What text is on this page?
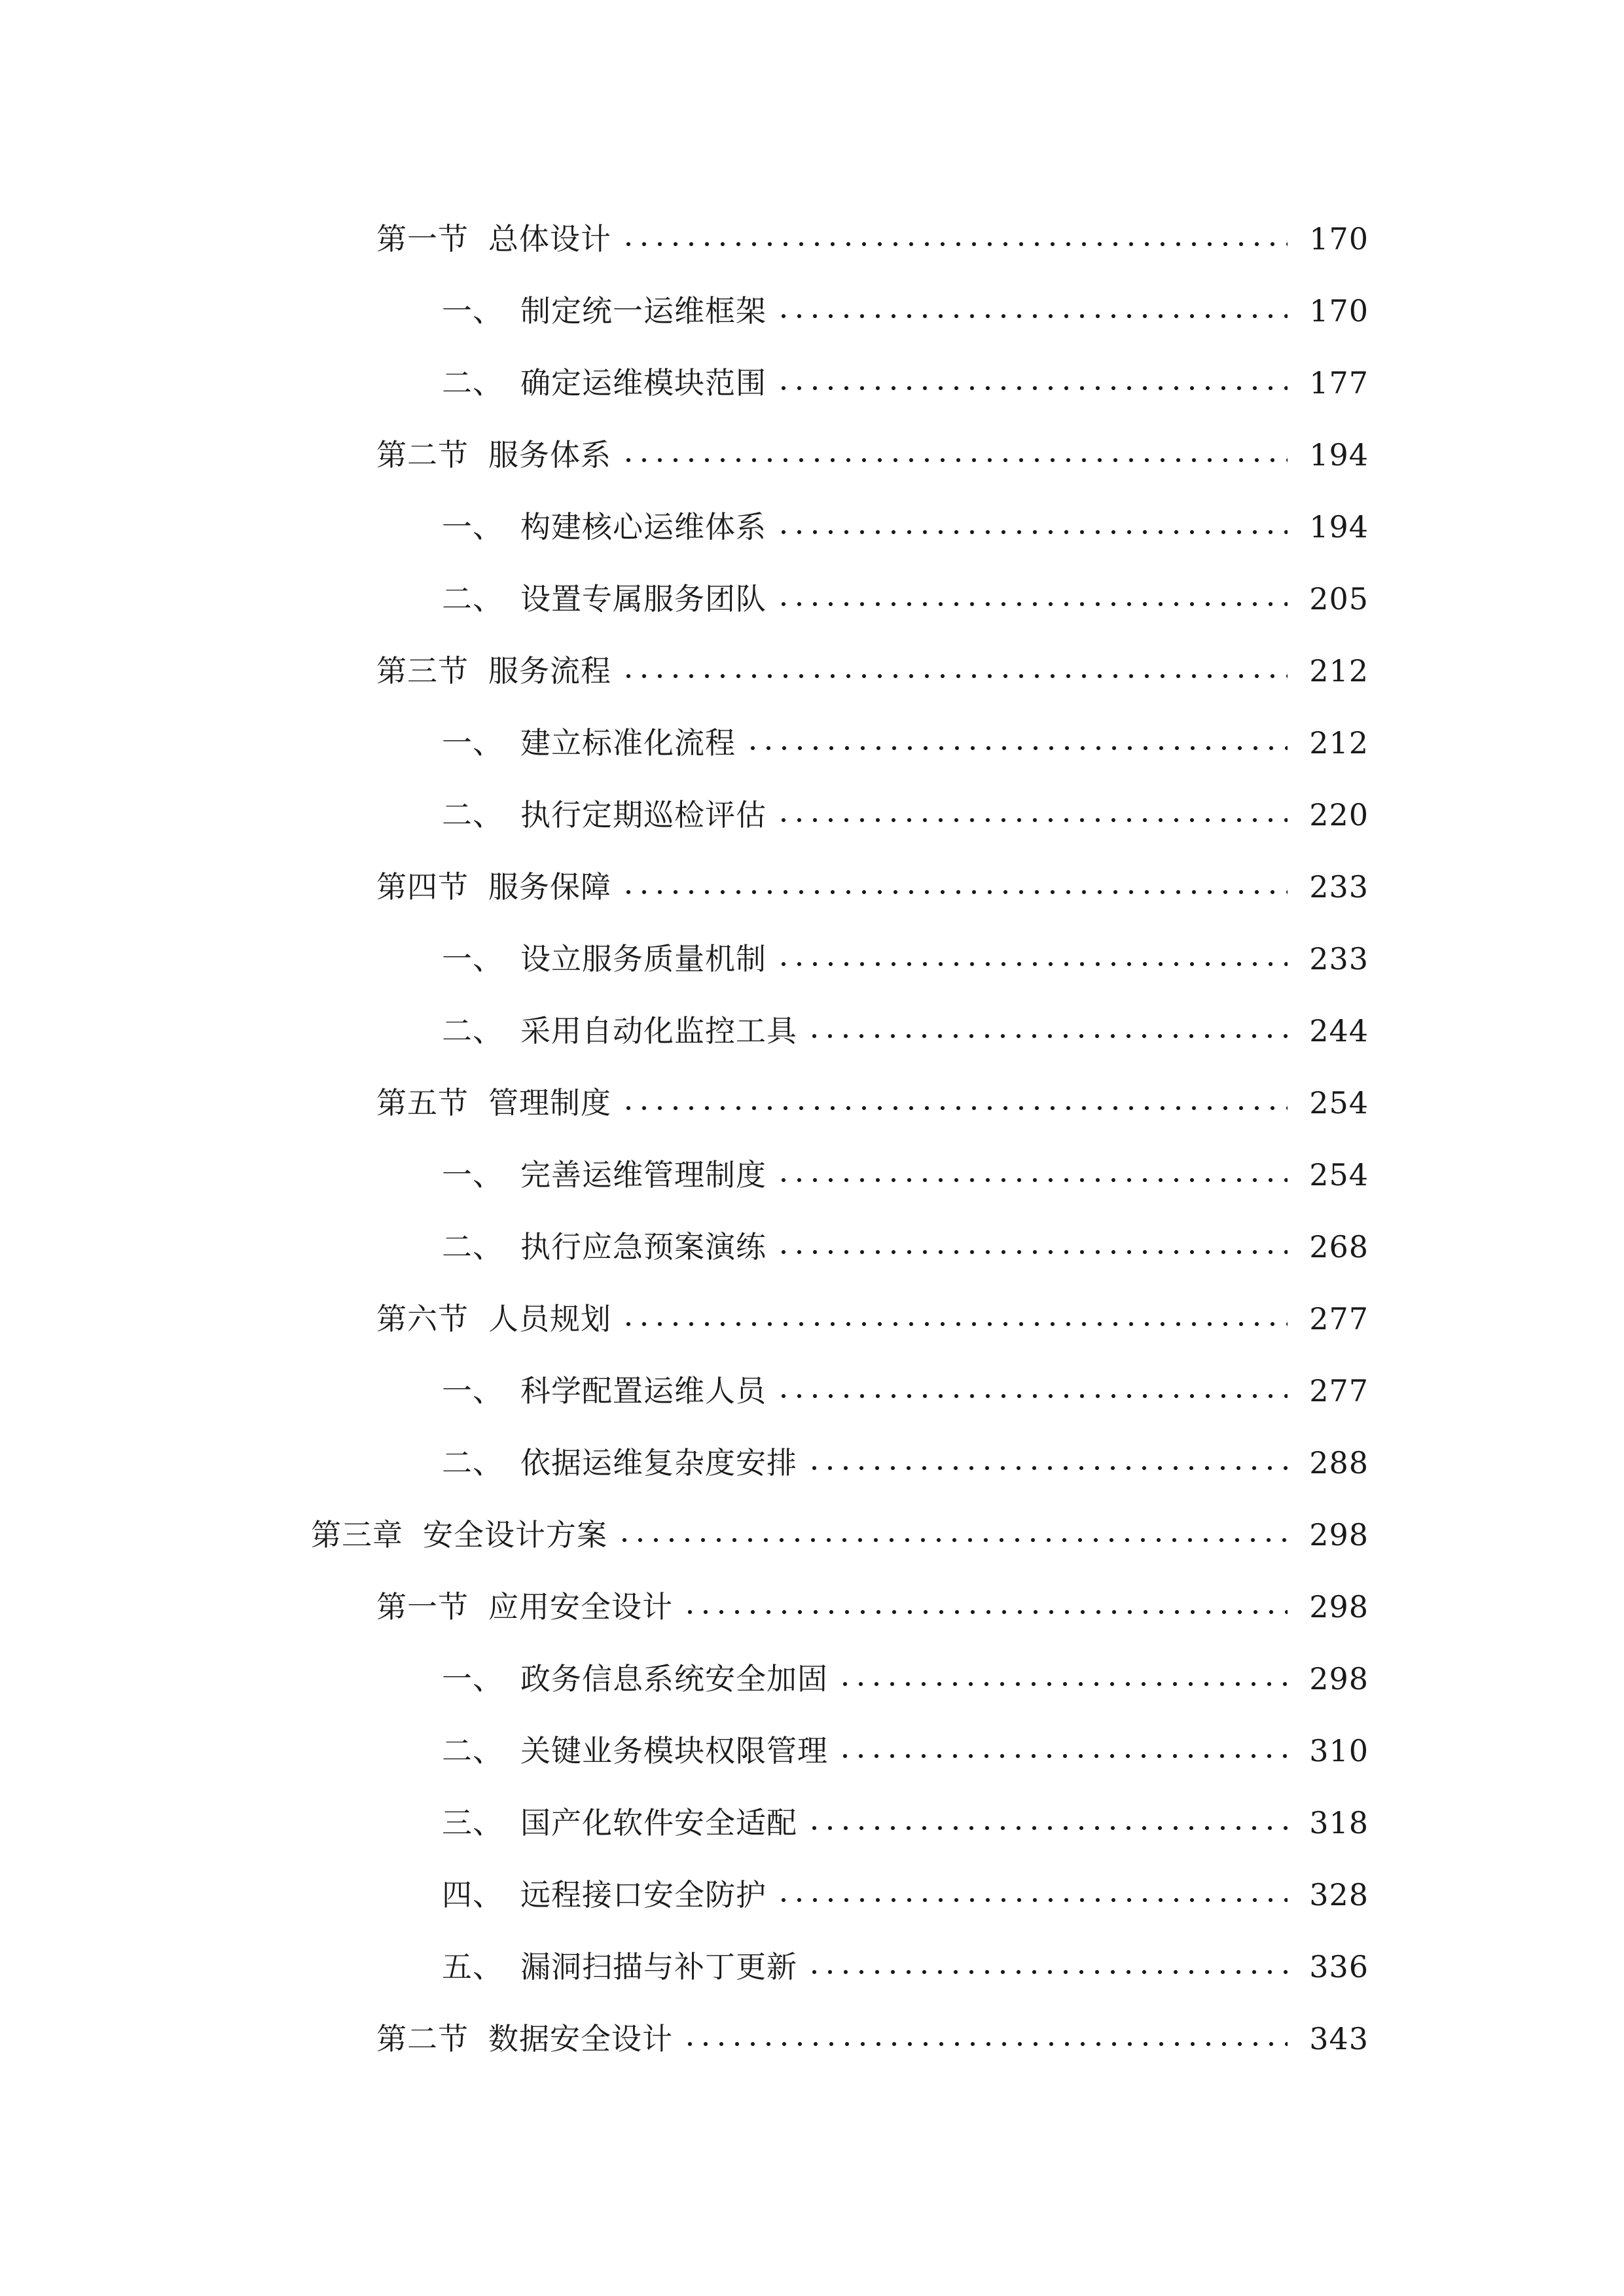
第一节 总体设计	170
一、 制定统一运维框架	170
二、 确定运维模块范围	177
第二节 服务体系	194
一、 构建核心运维体系	194
二、 设置专属服务团队	205
第三节 服务流程	212
一、 建立标准化流程	212
二、 执行定期巡检评估	220
第四节 服务保障	233
一、 设立服务质量机制	233
二、 采用自动化监控工具	244
第五节 管理制度	254
一、 完善运维管理制度	254
二、 执行应急预案演练	268
第六节 人员规划	277
一、 科学配置运维人员	277
二、 依据运维复杂度安排	288
第三章 安全设计方案	298
第一节 应用安全设计	298
一、 政务信息系统安全加固	298
二、 关键业务模块权限管理	310
三、 国产化软件安全适配	318
四、 远程接口安全防护	328
五、 漏洞扫描与补丁更新	336
第二节 数据安全设计	343
